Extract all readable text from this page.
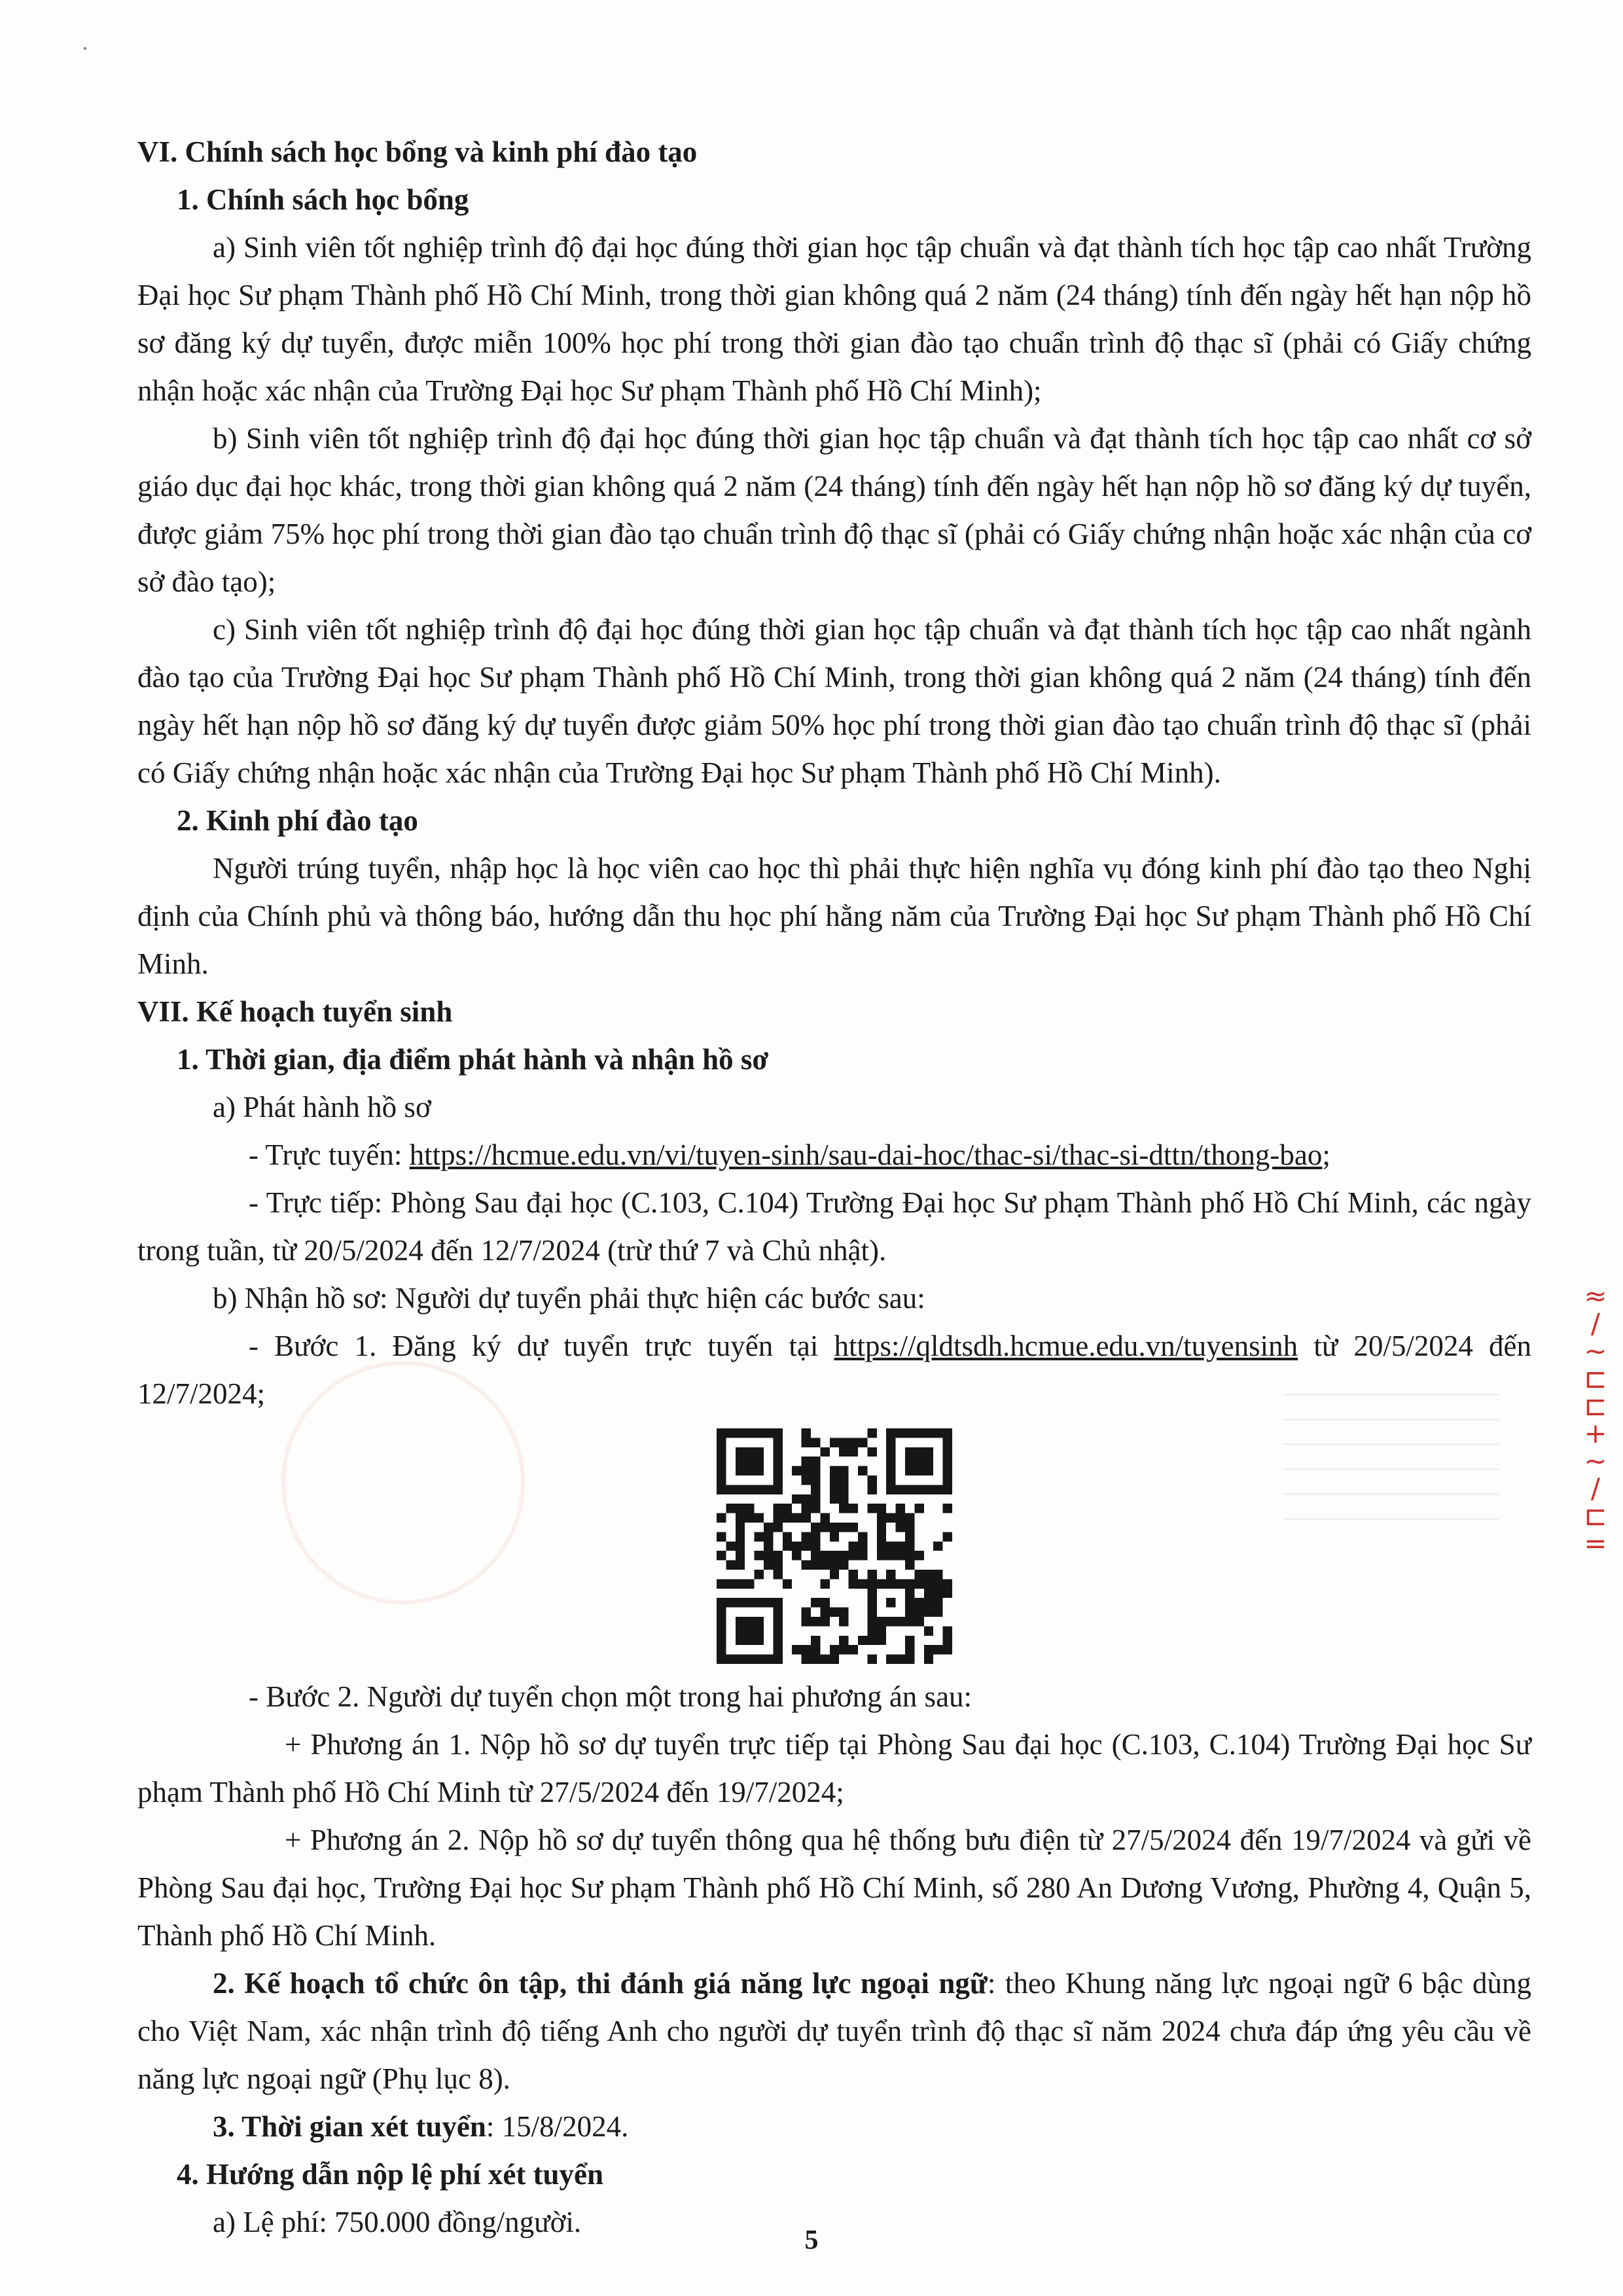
VI. Chính sách học bổng và kinh phí đào tạo

1. Chính sách học bổng

a) Sinh viên tốt nghiệp trình độ đại học đúng thời gian học tập chuẩn và đạt thành tích học tập cao nhất Trường Đại học Sư phạm Thành phố Hồ Chí Minh, trong thời gian không quá 2 năm (24 tháng) tính đến ngày hết hạn nộp hồ sơ đăng ký dự tuyển, được miễn 100% học phí trong thời gian đào tạo chuẩn trình độ thạc sĩ (phải có Giấy chứng nhận hoặc xác nhận của Trường Đại học Sư phạm Thành phố Hồ Chí Minh);

b) Sinh viên tốt nghiệp trình độ đại học đúng thời gian học tập chuẩn và đạt thành tích học tập cao nhất cơ sở giáo dục đại học khác, trong thời gian không quá 2 năm (24 tháng) tính đến ngày hết hạn nộp hồ sơ đăng ký dự tuyển, được giảm 75% học phí trong thời gian đào tạo chuẩn trình độ thạc sĩ (phải có Giấy chứng nhận hoặc xác nhận của cơ sở đào tạo);

c) Sinh viên tốt nghiệp trình độ đại học đúng thời gian học tập chuẩn và đạt thành tích học tập cao nhất ngành đào tạo của Trường Đại học Sư phạm Thành phố Hồ Chí Minh, trong thời gian không quá 2 năm (24 tháng) tính đến ngày hết hạn nộp hồ sơ đăng ký dự tuyển được giảm 50% học phí trong thời gian đào tạo chuẩn trình độ thạc sĩ (phải có Giấy chứng nhận hoặc xác nhận của Trường Đại học Sư phạm Thành phố Hồ Chí Minh).

2. Kinh phí đào tạo

Người trúng tuyển, nhập học là học viên cao học thì phải thực hiện nghĩa vụ đóng kinh phí đào tạo theo Nghị định của Chính phủ và thông báo, hướng dẫn thu học phí hằng năm của Trường Đại học Sư phạm Thành phố Hồ Chí Minh.

VII. Kế hoạch tuyển sinh

1. Thời gian, địa điểm phát hành và nhận hồ sơ

a) Phát hành hồ sơ

- Trực tuyến: https://hcmue.edu.vn/vi/tuyen-sinh/sau-dai-hoc/thac-si/thac-si-dttn/thong-bao;

- Trực tiếp: Phòng Sau đại học (C.103, C.104) Trường Đại học Sư phạm Thành phố Hồ Chí Minh, các ngày trong tuần, từ 20/5/2024 đến 12/7/2024 (trừ thứ 7 và Chủ nhật).

b) Nhận hồ sơ: Người dự tuyển phải thực hiện các bước sau:

- Bước 1. Đăng ký dự tuyển trực tuyến tại https://qldtsdh.hcmue.edu.vn/tuyensinh từ 20/5/2024 đến 12/7/2024;

- Bước 2. Người dự tuyển chọn một trong hai phương án sau:

+ Phương án 1. Nộp hồ sơ dự tuyển trực tiếp tại Phòng Sau đại học (C.103, C.104) Trường Đại học Sư phạm Thành phố Hồ Chí Minh từ 27/5/2024 đến 19/7/2024;

+ Phương án 2. Nộp hồ sơ dự tuyển thông qua hệ thống bưu điện từ 27/5/2024 đến 19/7/2024 và gửi về Phòng Sau đại học, Trường Đại học Sư phạm Thành phố Hồ Chí Minh, số 280 An Dương Vương, Phường 4, Quận 5, Thành phố Hồ Chí Minh.

2. Kế hoạch tổ chức ôn tập, thi đánh giá năng lực ngoại ngữ: theo Khung năng lực ngoại ngữ 6 bậc dùng cho Việt Nam, xác nhận trình độ tiếng Anh cho người dự tuyển trình độ thạc sĩ năm 2024 chưa đáp ứng yêu cầu về năng lực ngoại ngữ (Phụ lục 8).

3. Thời gian xét tuyển: 15/8/2024.

4. Hướng dẫn nộp lệ phí xét tuyển

a) Lệ phí: 750.000 đồng/người.

≈
/
~
⊏
⊏
+
~
/
⊏
=
5
